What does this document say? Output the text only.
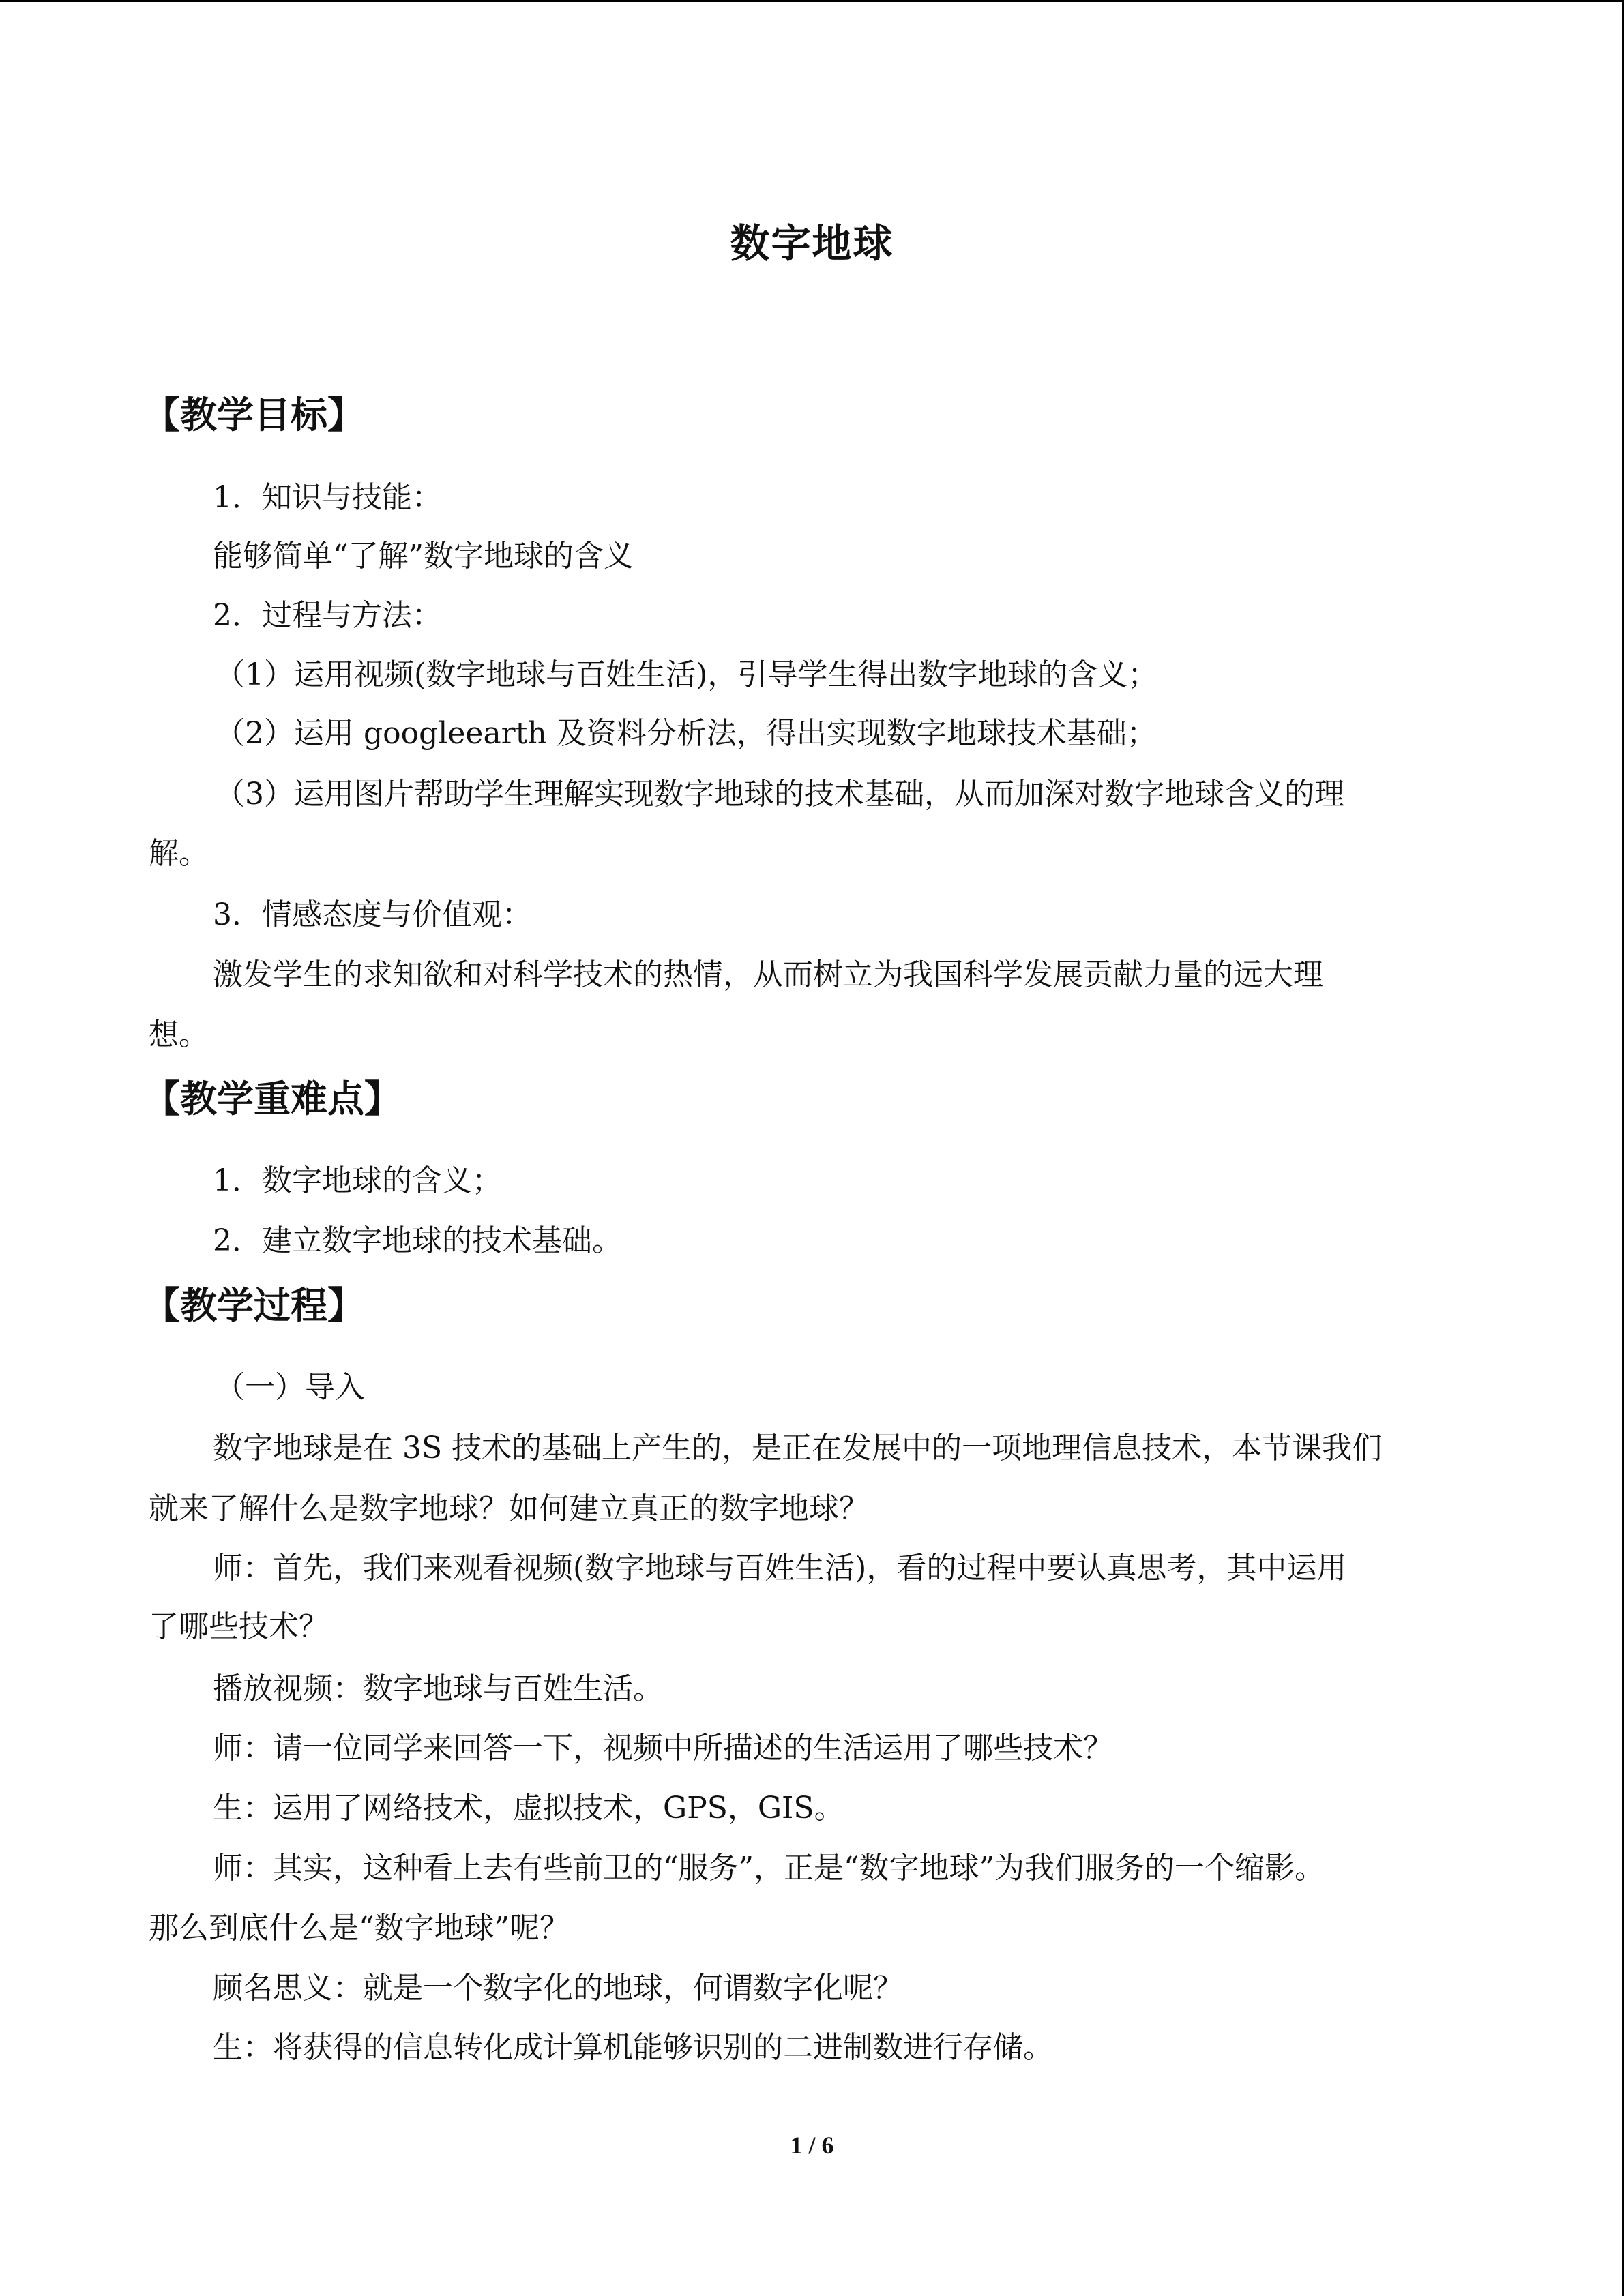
数字地球
【教学目标】
1．知识与技能：
能够简单“了解”数字地球的含义
2．过程与方法：
（1）运用视频(数字地球与百姓生活)，引导学生得出数字地球的含义；
（2）运用 googleearth 及资料分析法，得出实现数字地球技术基础；
（3）运用图片帮助学生理解实现数字地球的技术基础，从而加深对数字地球含义的理
解。
3．情感态度与价值观：
激发学生的求知欲和对科学技术的热情，从而树立为我国科学发展贡献力量的远大理
想。
【教学重难点】
1．数字地球的含义；
2．建立数字地球的技术基础。
【教学过程】
（一）导入
数字地球是在 3S 技术的基础上产生的，是正在发展中的一项地理信息技术，本节课我们
就来了解什么是数字地球？如何建立真正的数字地球？
师：首先，我们来观看视频(数字地球与百姓生活)，看的过程中要认真思考，其中运用
了哪些技术？
播放视频：数字地球与百姓生活。
师：请一位同学来回答一下，视频中所描述的生活运用了哪些技术？
生：运用了网络技术，虚拟技术，GPS，GIS。
师：其实，这种看上去有些前卫的“服务”，正是“数字地球”为我们服务的一个缩影。
那么到底什么是“数字地球”呢？
顾名思义：就是一个数字化的地球，何谓数字化呢？
生：将获得的信息转化成计算机能够识别的二进制数进行存储。
1 / 6
